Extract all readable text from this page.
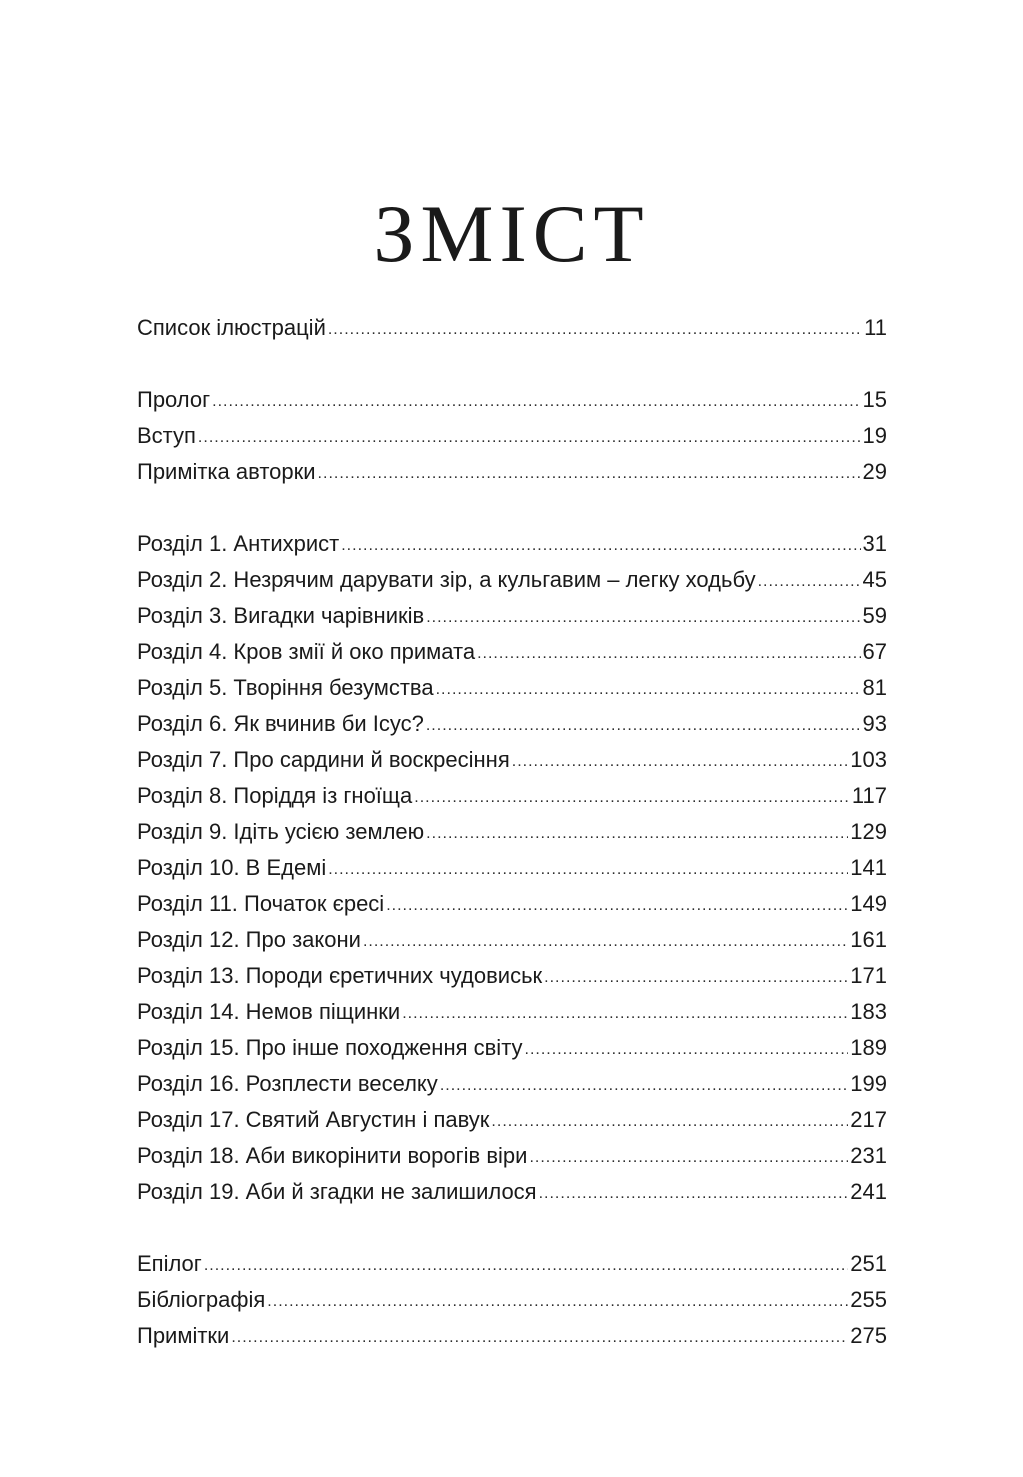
ЗМІСТ
Список ілюстрацій .....	11
Пролог .....	15
Вступ .....	19
Примітка авторки .....	29
Розділ 1. Антихрист .....	31
Розділ 2. Незрячим дарувати зір, а кульгавим – легку ходьбу .....	45
Розділ 3. Вигадки чарівників .....	59
Розділ 4. Кров змії й око примата .....	67
Розділ 5. Творіння безумства .....	81
Розділ 6. Як вчинив би Ісус? .....	93
Розділ 7. Про сардини й воскресіння .....	103
Розділ 8. Поріддя із гноїща .....	117
Розділ 9. Ідіть усією землею .....	129
Розділ 10. В Едемі .....	141
Розділ 11. Початок єресі .....	149
Розділ 12. Про закони .....	161
Розділ 13. Породи єретичних чудовиськ .....	171
Розділ 14. Немов піщинки .....	183
Розділ 15. Про інше походження світу .....	189
Розділ 16. Розплести веселку .....	199
Розділ 17. Святий Августин і павук .....	217
Розділ 18. Аби викорінити ворогів віри .....	231
Розділ 19. Аби й згадки не залишилося .....	241
Епілог .....	251
Бібліографія .....	255
Примітки .....	275
